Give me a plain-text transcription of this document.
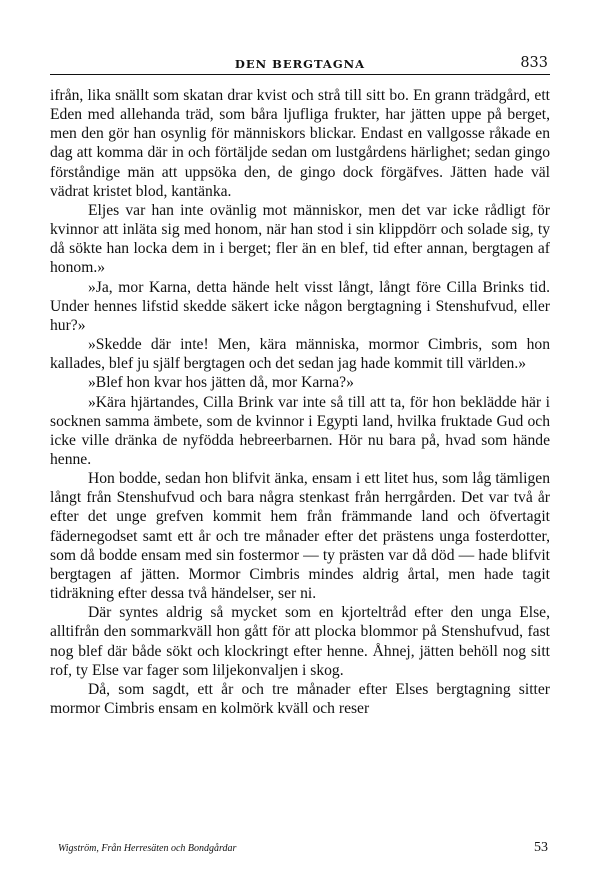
DEN BERGTAGNA	833

ifrån, lika snällt som skatan drar kvist och strå till sitt bo. En grann trädgård, ett Eden med allehanda träd, som båra ljufliga frukter, har jätten uppe på berget, men den gör han osynlig för människors blickar. Endast en vallgosse råkade en dag att komma där in och förtäljde sedan om lustgårdens härlighet; sedan gingo förståndige män att uppsöka den, de gingo dock förgäfves. Jätten hade väl vädrat kristet blod, kantänka.

Eljes var han inte ovänlig mot människor, men det var icke rådligt för kvinnor att inläta sig med honom, när han stod i sin klippdörr och solade sig, ty då sökte han locka dem in i berget; fler än en blef, tid efter annan, bergtagen af honom.»

»Ja, mor Karna, detta hände helt visst långt, långt före Cilla Brinks tid. Under hennes lifstid skedde säkert icke någon bergtagning i Stenshufvud, eller hur?»

»Skedde där inte! Men, kära människa, mormor Cimbris, som hon kallades, blef ju själf bergtagen och det sedan jag hade kommit till världen.»

»Blef hon kvar hos jätten då, mor Karna?»

»Kära hjärtandes, Cilla Brink var inte så till att ta, för hon beklädde här i socknen samma ämbete, som de kvinnor i Egypti land, hvilka fruktade Gud och icke ville dränka de nyfödda hebreerbarnen. Hör nu bara på, hvad som hände henne.

Hon bodde, sedan hon blifvit änka, ensam i ett litet hus, som låg tämligen långt från Stenshufvud och bara några stenkast från herrgården. Det var två år efter det unge grefven kommit hem från främmande land och öfvertagit fädernegodset samt ett år och tre månader efter det prästens unga fosterdotter, som då bodde ensam med sin fostermor — ty prästen var då död — hade blifvit bergtagen af jätten. Mormor Cimbris mindes aldrig årtal, men hade tagit tidräkning efter dessa två händelser, ser ni.

Där syntes aldrig så mycket som en kjorteltråd efter den unga Else, alltifrån den sommarkväll hon gått för att plocka blommor på Stenshufvud, fast nog blef där både sökt och klockringt efter henne. Åhnej, jätten behöll nog sitt rof, ty Else var fager som liljekonvaljen i skog.

Då, som sagdt, ett år och tre månader efter Elses bergtagning sitter mormor Cimbris ensam en kolmörk kväll och reser

Wigström, Från Herresäten och Bondgårdar	53
